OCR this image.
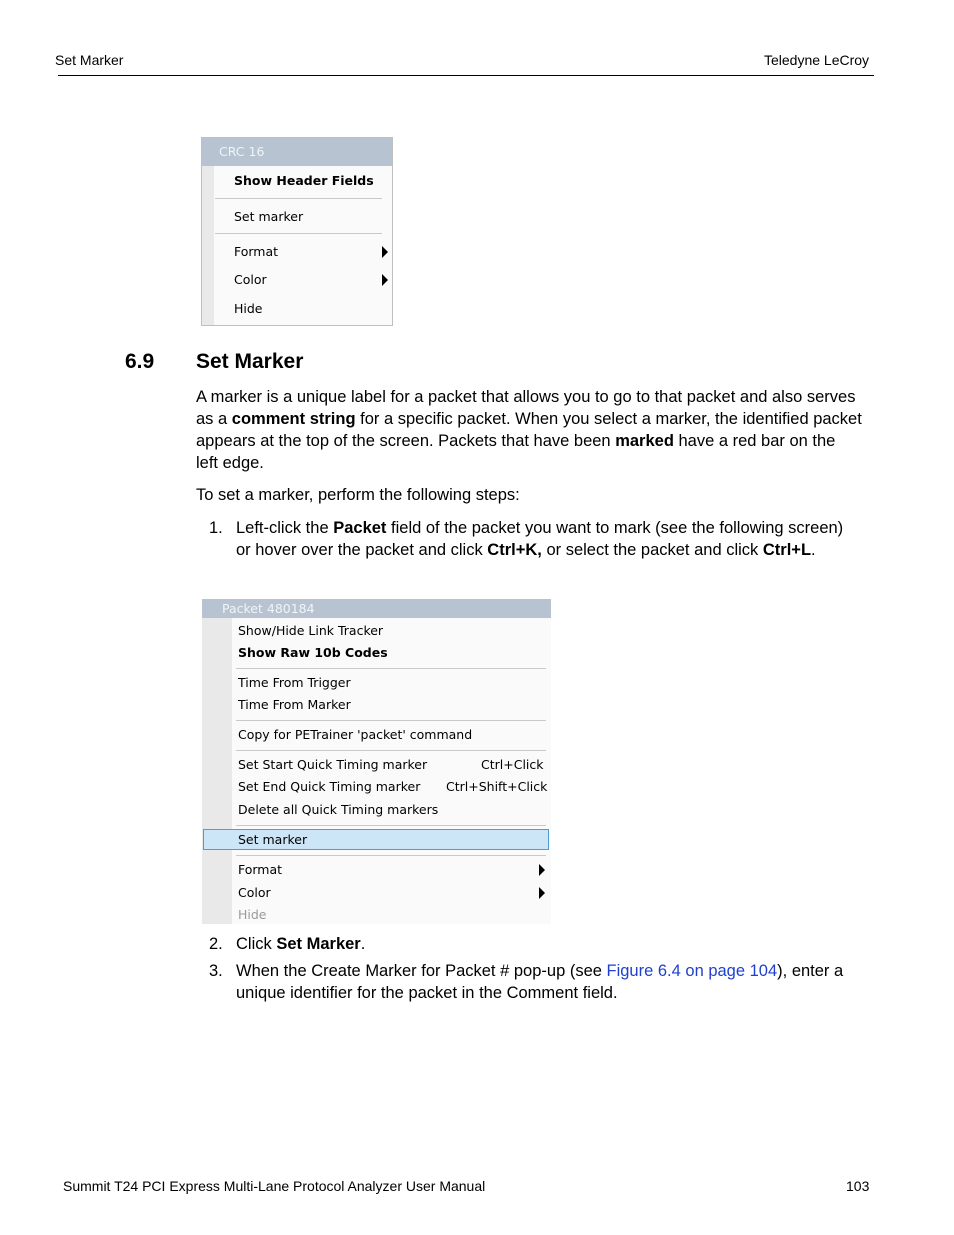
Set Marker	Teledyne LeCroy
CRC 16
Show Header Fields
Set marker
Format
Color
Hide
6.9 Set Marker
A marker is a unique label for a packet that allows you to go to that packet and also serves
as a comment string for a specific packet. When you select a marker, the identified packet
appears at the top of the screen. Packets that have been marked have a red bar on the
left edge.
To set a marker, perform the following steps:
1. Left-click the Packet field of the packet you want to mark (see the following screen)
or hover over the packet and click Ctrl+K, or select the packet and click Ctrl+L.
Packet 480184
Show/Hide Link Tracker
Show Raw 10b Codes
Time From Trigger
Time From Marker
Copy for PETrainer 'packet' command
Set Start Quick Timing marker	Ctrl+Click
Set End Quick Timing marker Ctrl+Shift+Click
Delete all Quick Timing markers
Set marker
Format
Color
Hide
2. Click Set Marker.
3. When the Create Marker for Packet # pop-up (see Figure 6.4 on page 104), enter a
unique identifier for the packet in the Comment field.
Summit T24 PCI Express Multi-Lane Protocol Analyzer User Manual	103
